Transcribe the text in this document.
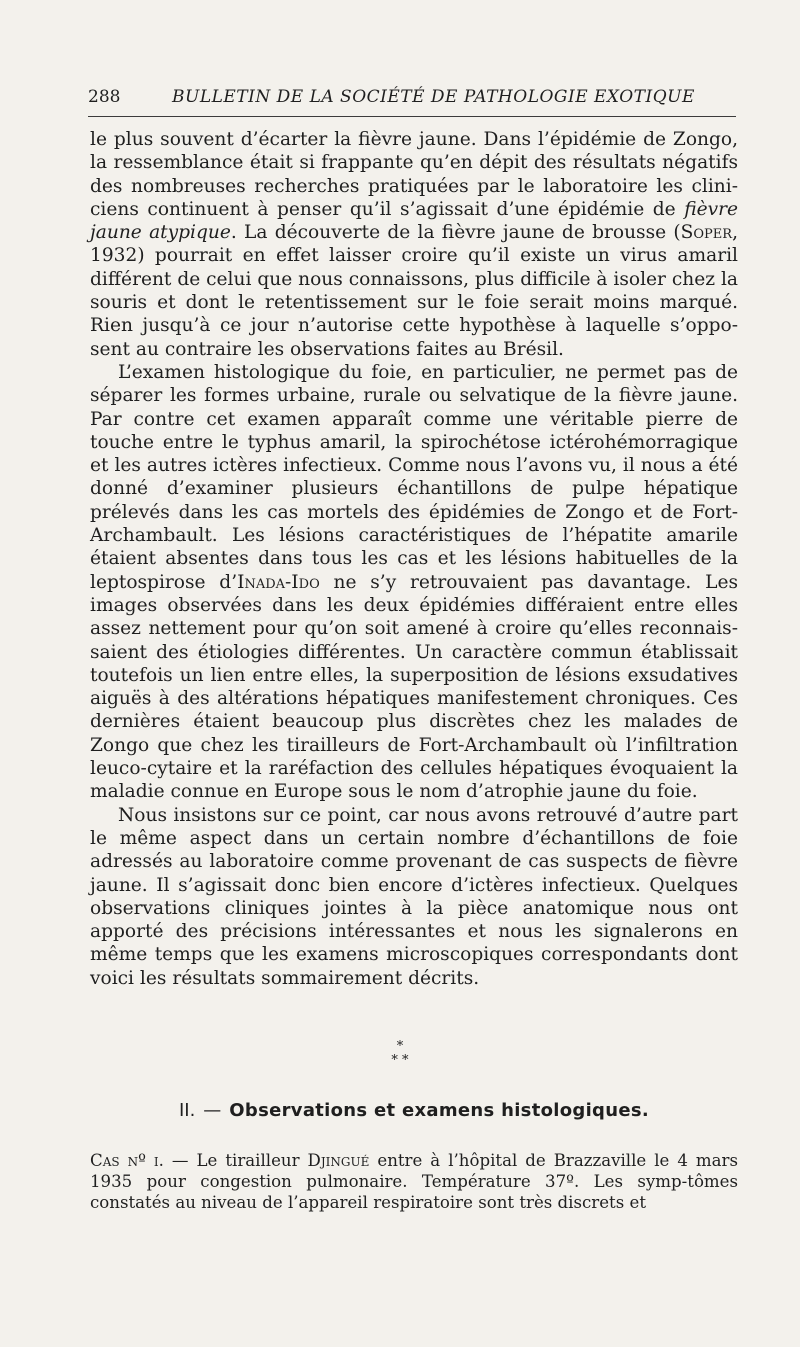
288	BULLETIN DE LA SOCIÉTÉ DE PATHOLOGIE EXOTIQUE

le plus souvent d’écarter la fièvre jaune. Dans l’épidémie de Zongo, la ressemblance était si frappante qu’en dépit des résultats négatifs des nombreuses recherches pratiquées par le laboratoire les clini-ciens continuent à penser qu’il s’agissait d’une épidémie de fièvre jaune atypique. La découverte de la fièvre jaune de brousse (Soper, 1932) pourrait en effet laisser croire qu’il existe un virus amaril différent de celui que nous connaissons, plus difficile à isoler chez la souris et dont le retentissement sur le foie serait moins marqué. Rien jusqu’à ce jour n’autorise cette hypothèse à laquelle s’oppo-sent au contraire les observations faites au Brésil.

L’examen histologique du foie, en particulier, ne permet pas de séparer les formes urbaine, rurale ou selvatique de la fièvre jaune. Par contre cet examen apparaît comme une véritable pierre de touche entre le typhus amaril, la spirochétose ictérohémorragique et les autres ictères infectieux. Comme nous l’avons vu, il nous a été donné d’examiner plusieurs échantillons de pulpe hépatique prélevés dans les cas mortels des épidémies de Zongo et de Fort-Archambault. Les lésions caractéristiques de l’hépatite amarile étaient absentes dans tous les cas et les lésions habituelles de la leptospirose d’Inada-Ido ne s’y retrouvaient pas davantage. Les images observées dans les deux épidémies différaient entre elles assez nettement pour qu’on soit amené à croire qu’elles reconnais-saient des étiologies différentes. Un caractère commun établissait toutefois un lien entre elles, la superposition de lésions exsudatives aiguës à des altérations hépatiques manifestement chroniques. Ces dernières étaient beaucoup plus discrètes chez les malades de Zongo que chez les tirailleurs de Fort-Archambault où l’infiltration leuco-cytaire et la raréfaction des cellules hépatiques évoquaient la maladie connue en Europe sous le nom d’atrophie jaune du foie.

Nous insistons sur ce point, car nous avons retrouvé d’autre part le même aspect dans un certain nombre d’échantillons de foie adressés au laboratoire comme provenant de cas suspects de fièvre jaune. Il s’agissait donc bien encore d’ictères infectieux. Quelques observations cliniques jointes à la pièce anatomique nous ont apporté des précisions intéressantes et nous les signalerons en même temps que les examens microscopiques correspondants dont voici les résultats sommairement décrits.

*
* *
II. — Observations et examens histologiques.

Cas nº i. — Le tirailleur Djingué entre à l’hôpital de Brazzaville le 4 mars 1935 pour congestion pulmonaire. Température 37º. Les symp-tômes constatés au niveau de l’appareil respiratoire sont très discrets et
